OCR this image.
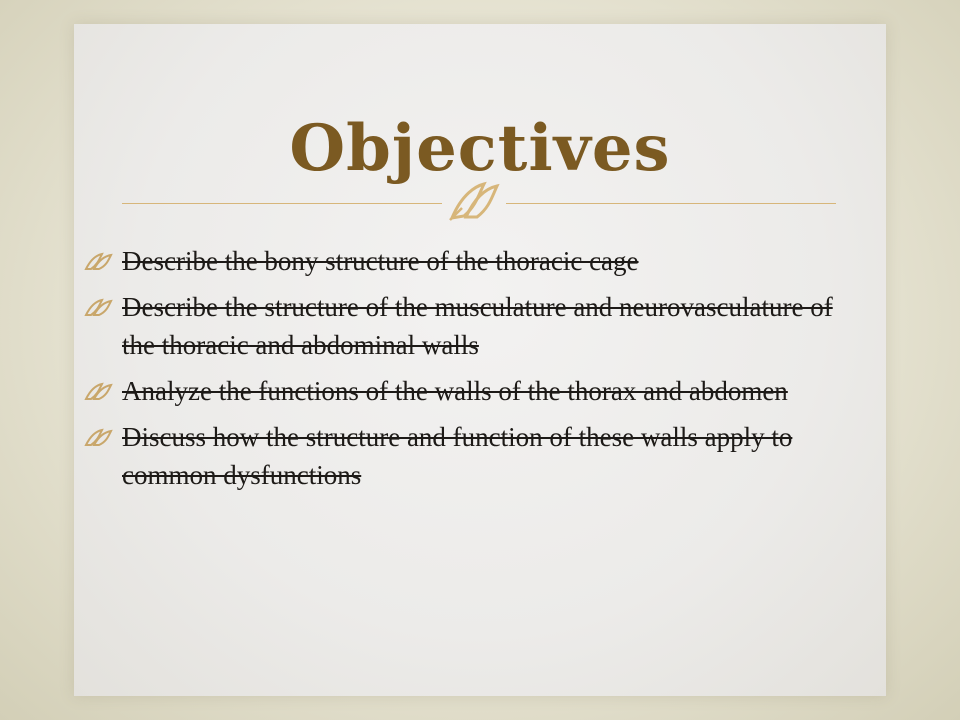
Objectives
Describe the bony structure of the thoracic cage
Describe the structure of the musculature and neurovasculature of the thoracic and abdominal walls
Analyze the functions of the walls of the thorax and abdomen
Discuss how the structure and function of these walls apply to common dysfunctions
